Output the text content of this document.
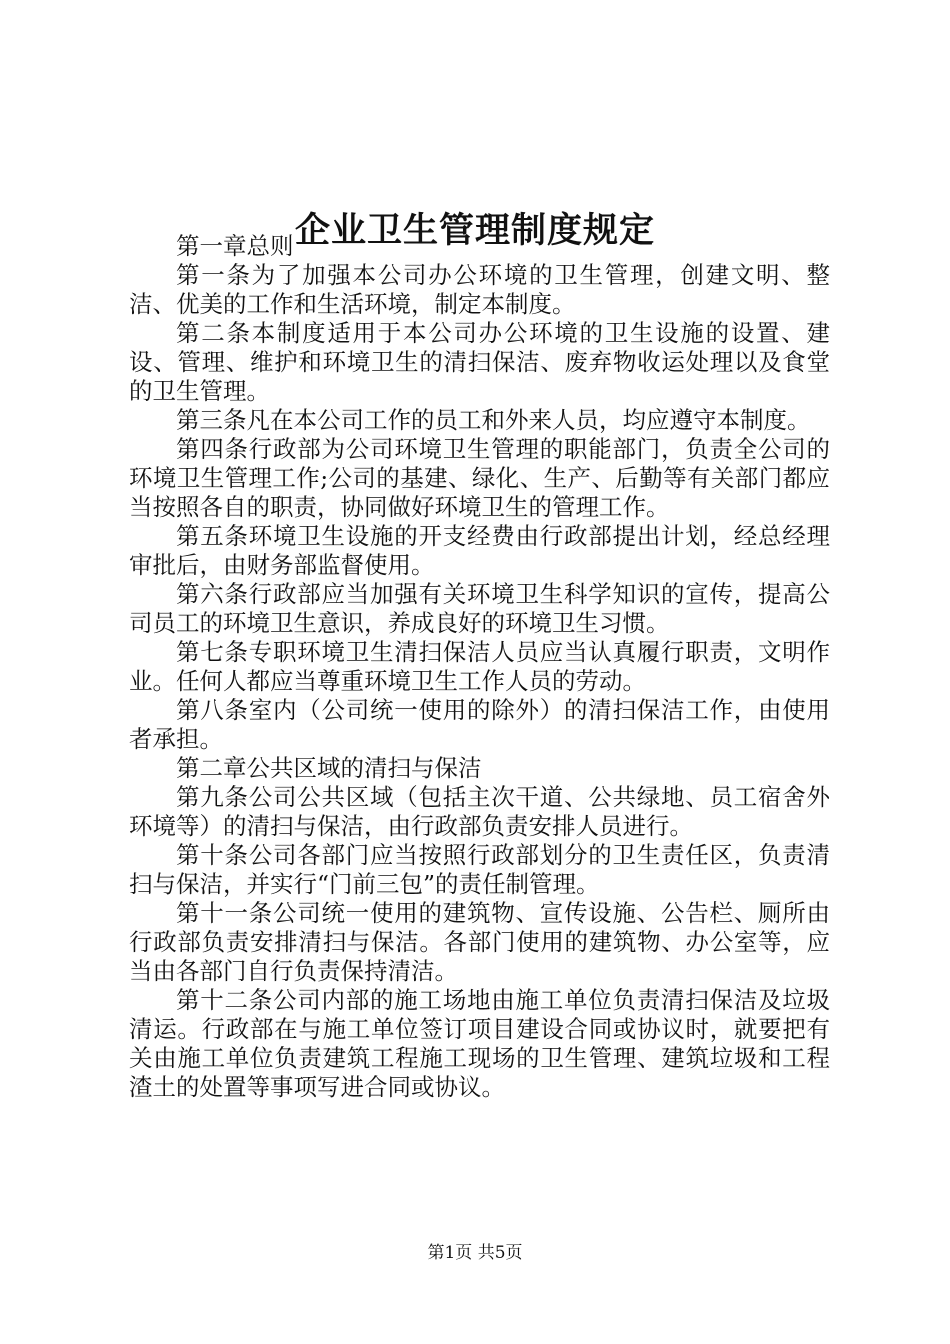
企业卫生管理制度规定

第一章总则

第一条为了加强本公司办公环境的卫生管理，创建文明、整洁、优美的工作和生活环境，制定本制度。

第二条本制度适用于本公司办公环境的卫生设施的设置、建设、管理、维护和环境卫生的清扫保洁、废弃物收运处理以及食堂的卫生管理。

第三条凡在本公司工作的员工和外来人员，均应遵守本制度。

第四条行政部为公司环境卫生管理的职能部门，负责全公司的环境卫生管理工作;公司的基建、绿化、生产、后勤等有关部门都应当按照各自的职责，协同做好环境卫生的管理工作。

第五条环境卫生设施的开支经费由行政部提出计划，经总经理审批后，由财务部监督使用。

第六条行政部应当加强有关环境卫生科学知识的宣传，提高公司员工的环境卫生意识，养成良好的环境卫生习惯。

第七条专职环境卫生清扫保洁人员应当认真履行职责，文明作业。任何人都应当尊重环境卫生工作人员的劳动。

第八条室内（公司统一使用的除外）的清扫保洁工作，由使用者承担。

第二章公共区域的清扫与保洁

第九条公司公共区域（包括主次干道、公共绿地、员工宿舍外环境等）的清扫与保洁，由行政部负责安排人员进行。

第十条公司各部门应当按照行政部划分的卫生责任区，负责清扫与保洁，并实行“门前三包”的责任制管理。

第十一条公司统一使用的建筑物、宣传设施、公告栏、厕所由行政部负责安排清扫与保洁。各部门使用的建筑物、办公室等，应当由各部门自行负责保持清洁。

第十二条公司内部的施工场地由施工单位负责清扫保洁及垃圾清运。行政部在与施工单位签订项目建设合同或协议时，就要把有关由施工单位负责建筑工程施工现场的卫生管理、建筑垃圾和工程渣土的处置等事项写进合同或协议。

第1页 共5页
